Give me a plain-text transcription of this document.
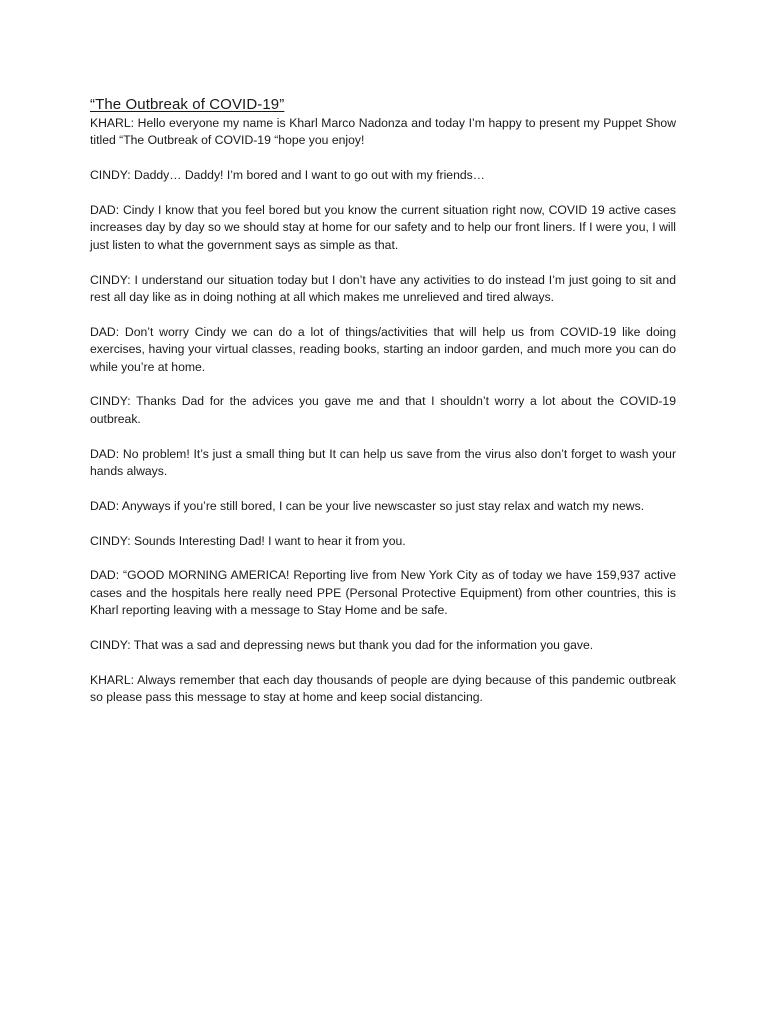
“The Outbreak of COVID-19”

KHARL: Hello everyone my name is Kharl Marco Nadonza and today I’m happy to present my Puppet Show titled “The Outbreak of COVID-19 “hope you enjoy!

CINDY: Daddy… Daddy! I’m bored and I want to go out with my friends…

DAD: Cindy I know that you feel bored but you know the current situation right now, COVID 19 active cases increases day by day so we should stay at home for our safety and to help our front liners. If I were you, I will just listen to what the government says as simple as that.

CINDY: I understand our situation today but I don’t have any activities to do instead I’m just going to sit and rest all day like as in doing nothing at all which makes me unrelieved and tired always.

DAD: Don’t worry Cindy we can do a lot of things/activities that will help us from COVID-19 like doing exercises, having your virtual classes, reading books, starting an indoor garden, and much more you can do while you’re at home.

CINDY: Thanks Dad for the advices you gave me and that I shouldn’t worry a lot about the COVID-19 outbreak.

DAD: No problem! It’s just a small thing but It can help us save from the virus also don’t forget to wash your hands always.

DAD: Anyways if you’re still bored, I can be your live newscaster so just stay relax and watch my news.

CINDY: Sounds Interesting Dad! I want to hear it from you.

DAD: “GOOD MORNING AMERICA! Reporting live from New York City as of today we have 159,937 active cases and the hospitals here really need PPE (Personal Protective Equipment) from other countries, this is Kharl reporting leaving with a message to Stay Home and be safe.

CINDY: That was a sad and depressing news but thank you dad for the information you gave.

KHARL: Always remember that each day thousands of people are dying because of this pandemic outbreak so please pass this message to stay at home and keep social distancing.
